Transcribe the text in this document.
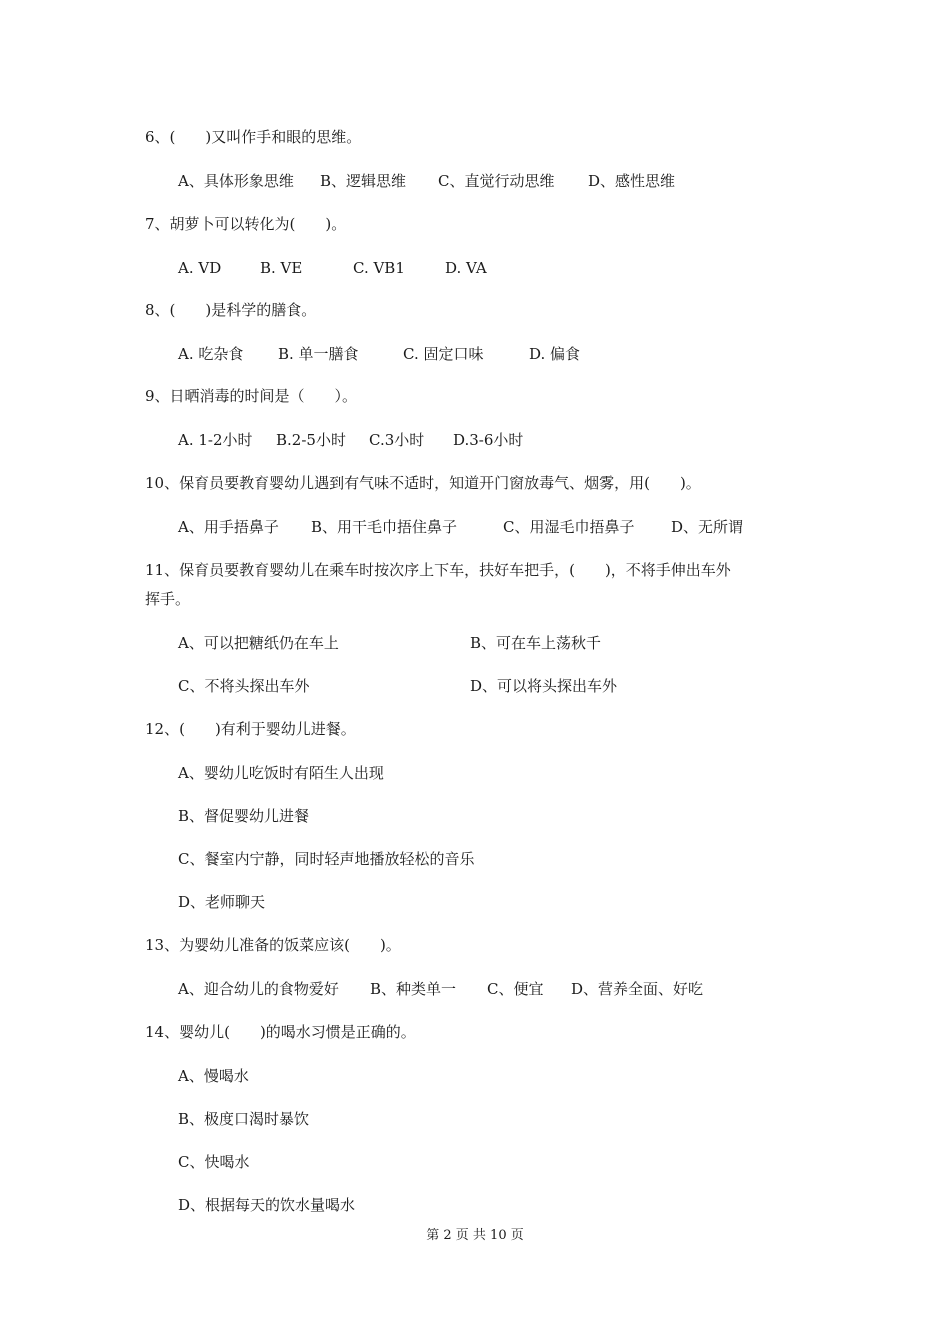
6、(　　)又叫作手和眼的思维。
A、具体形象思维 B、逻辑思维 C、直觉行动思维 D、感性思维
7、胡萝卜可以转化为(　　)。
A. VD	B. VE	C. VB1	D. VA
8、(　　)是科学的膳食。
A. 吃杂食 B. 单一膳食	C. 固定口味	D. 偏食
9、日晒消毒的时间是（　　）。
A. 1-2小时 B.2-5小时 C.3小时 D.3-6小时
10、保育员要教育婴幼儿遇到有气味不适时，知道开门窗放毒气、烟雾，用(　　)。
A、用手捂鼻子 B、用干毛巾捂住鼻子	C、用湿毛巾捂鼻子 D、无所谓
11、保育员要教育婴幼儿在乘车时按次序上下车，扶好车把手，(　　)，不将手伸出车外
挥手。
A、可以把糖纸仍在车上	B、可在车上荡秋千
C、不将头探出车外	D、可以将头探出车外
12、(　　)有利于婴幼儿进餐。
A、婴幼儿吃饭时有陌生人出现
B、督促婴幼儿进餐
C、餐室内宁静，同时轻声地播放轻松的音乐
D、老师聊天
13、为婴幼儿准备的饭菜应该(　　)。
A、迎合幼儿的食物爱好 B、种类单一 C、便宜 D、营养全面、好吃
14、婴幼儿(　　)的喝水习惯是正确的。
A、慢喝水
B、极度口渴时暴饮
C、快喝水
D、根据每天的饮水量喝水
第 2 页 共 10 页
